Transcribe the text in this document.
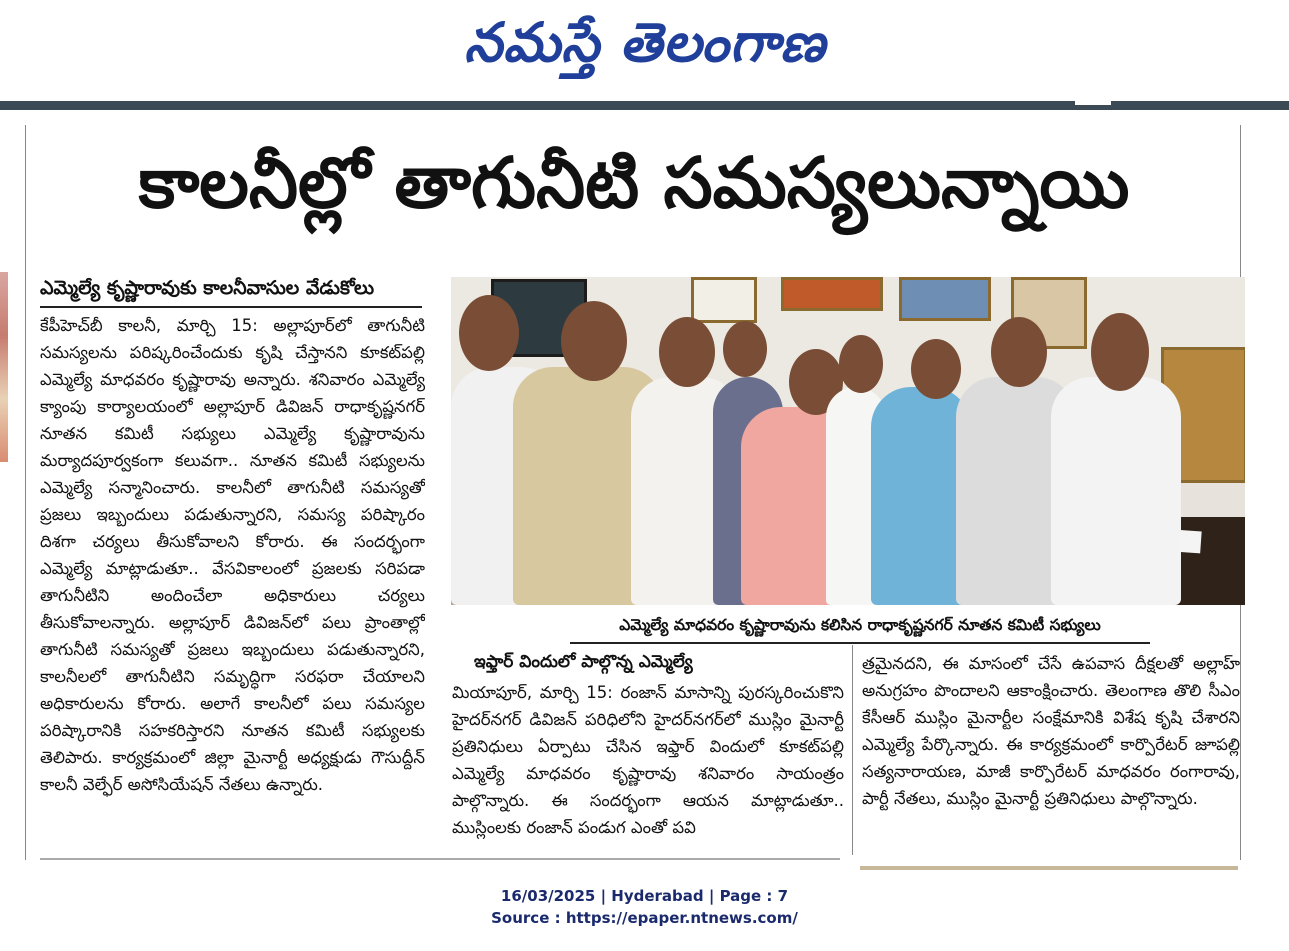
నమస్తే తెలంగాణ
కాలనీల్లో తాగునీటి సమస్యలున్నాయి
ఎమ్మెల్యే కృష్ణారావుకు కాలనీవాసుల వేడుకోలు
కేపీహెచ్‌బీ కాలనీ, మార్చి 15: అల్లాపూర్‌లో తాగునీటి సమస్యలను పరిష్కరించేందుకు కృషి చేస్తానని కూకట్‌పల్లి ఎమ్మెల్యే మాధవరం కృష్ణారావు అన్నారు. శనివారం ఎమ్మెల్యే క్యాంపు కార్యాలయంలో అల్లాపూర్ డివిజన్ రాధాకృష్ణనగర్ నూతన కమిటీ సభ్యులు ఎమ్మెల్యే కృష్ణారావును మర్యాదపూర్వకంగా కలువగా.. నూతన కమిటీ సభ్యులను ఎమ్మెల్యే సన్మానించారు. కాలనీలో తాగునీటి సమస్యతో ప్రజలు ఇబ్బందులు పడుతున్నారని, సమస్య పరిష్కారం దిశగా చర్యలు తీసుకోవాలని కోరారు. ఈ సందర్భంగా ఎమ్మెల్యే మాట్లాడుతూ.. వేసవికాలంలో ప్రజలకు సరిపడా తాగునీటిని అందించేలా అధికారులు చర్యలు తీసుకోవాలన్నారు. అల్లాపూర్ డివిజన్‌లో పలు ప్రాంతాల్లో తాగునీటి సమస్యతో ప్రజలు ఇబ్బందులు పడుతున్నారని, కాలనీలలో తాగునీటిని సమృద్ధిగా సరఫరా చేయాలని అధికారులను కోరారు. అలాగే కాలనీలో పలు సమస్యల పరిష్కారానికి సహకరిస్తారని నూతన కమిటీ సభ్యులకు తెలిపారు. కార్యక్రమంలో జిల్లా మైనార్టీ అధ్యక్షుడు గౌసుద్దీన్ కాలనీ వెల్ఫేర్ అసోసియేషన్ నేతలు ఉన్నారు.
ఎమ్మెల్యే మాధవరం కృష్ణారావును కలిసిన రాధాకృష్ణనగర్ నూతన కమిటీ సభ్యులు
ఇఫ్తార్ విందులో పాల్గొన్న ఎమ్మెల్యే
మియాపూర్, మార్చి 15: రంజాన్ మాసాన్ని పురస్కరించుకొని హైదర్‌నగర్ డివిజన్ పరిధిలోని హైదర్‌నగర్‌లో ముస్లిం మైనార్టీ ప్రతినిధులు ఏర్పాటు చేసిన ఇఫ్తార్ విందులో కూకట్‌పల్లి ఎమ్మెల్యే మాధవరం కృష్ణారావు శనివారం సాయంత్రం పాల్గొన్నారు. ఈ సందర్భంగా ఆయన మాట్లాడుతూ.. ముస్లింలకు రంజాన్ పండుగ ఎంతో పవి
త్రమైనదని, ఈ మాసంలో చేసే ఉపవాస దీక్షలతో అల్లాహ్ అనుగ్రహం పొందాలని ఆకాంక్షించారు. తెలంగాణ తొలి సీఎం కేసీఆర్ ముస్లిం మైనార్టీల సంక్షేమానికి విశేష కృషి చేశారని ఎమ్మెల్యే పేర్కొన్నారు. ఈ కార్యక్రమంలో కార్పొరేటర్ జూపల్లి సత్యనారాయణ, మాజీ కార్పొరేటర్ మాధవరం రంగారావు, పార్టీ నేతలు, ముస్లిం మైనార్టీ ప్రతినిధులు పాల్గొన్నారు.
16/03/2025 | Hyderabad | Page : 7
Source : https://epaper.ntnews.com/
